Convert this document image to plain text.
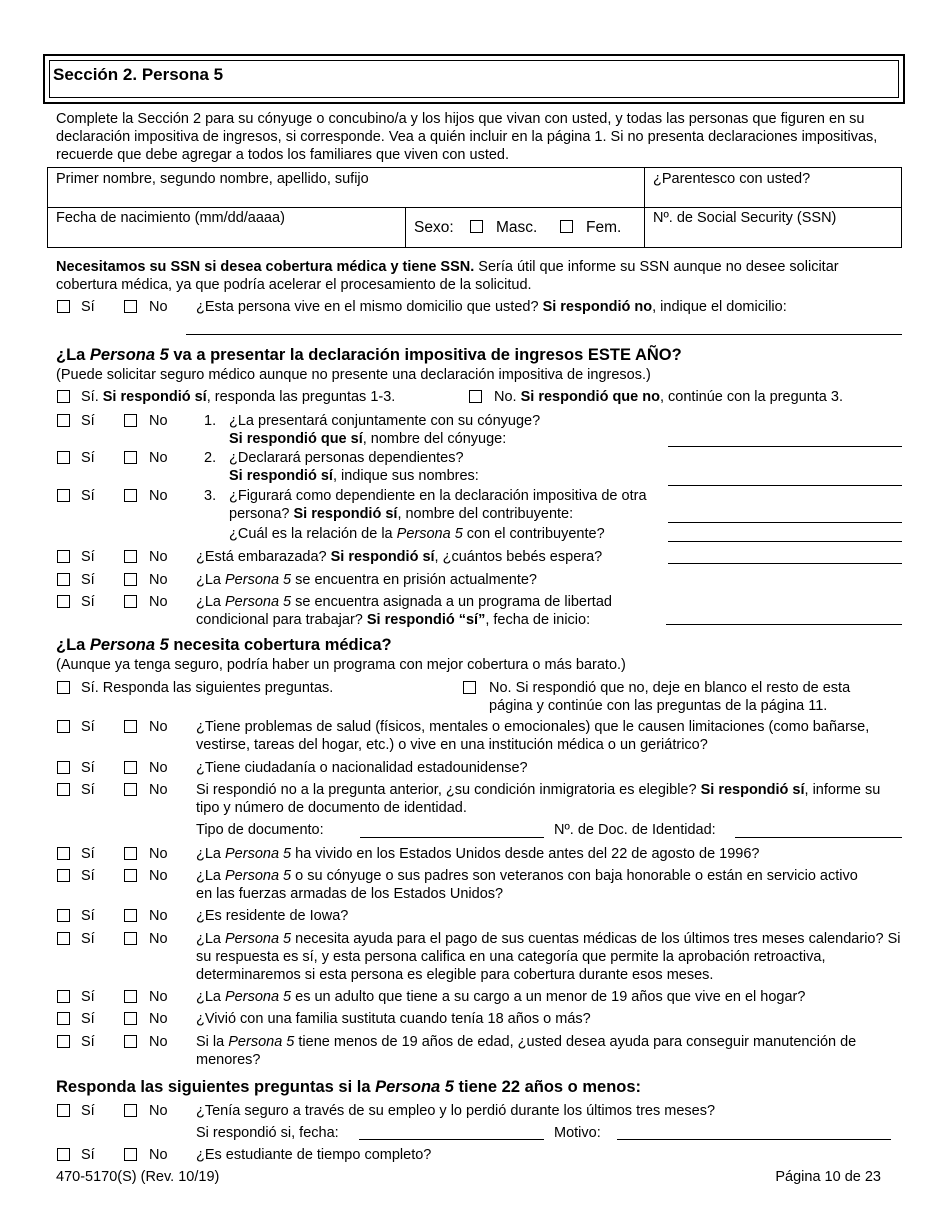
Sección 2. Persona 5
Complete la Sección 2 para su cónyuge o concubino/a y los hijos que vivan con usted, y todas las personas que figuren en su declaración impositiva de ingresos, si corresponde. Vea a quién incluir en la página 1. Si no presenta declaraciones impositivas, recuerde que debe agregar a todos los familiares que viven con usted.
Primer nombre, segundo nombre, apellido, sufijo	¿Parentesco con usted?
Fecha de nacimiento (mm/dd/aaaa)
Sexo:	Masc.	Fem.
Nº. de Social Security (SSN)
Necesitamos su SSN si desea cobertura médica y tiene SSN. Sería útil que informe su SSN aunque no desee solicitar cobertura médica, ya que podría acelerar el procesamiento de la solicitud.
Sí	No ¿Esta persona vive en el mismo domicilio que usted? Si respondió no, indique el domicilio:
¿La Persona 5 va a presentar la declaración impositiva de ingresos ESTE AÑO?
(Puede solicitar seguro médico aunque no presente una declaración impositiva de ingresos.)
Sí. Si respondió sí, responda las preguntas 1-3.	No. Si respondió que no, continúe con la pregunta 3.
Sí	No	1. ¿La presentará conjuntamente con su cónyuge?
Si respondió que sí, nombre del cónyuge:
Sí	No	2. ¿Declarará personas dependientes?
Si respondió sí, indique sus nombres:
Sí	No	3. ¿Figurará como dependiente en la declaración impositiva de otra persona? Si respondió sí, nombre del contribuyente:
¿Cuál es la relación de la Persona 5 con el contribuyente?
Sí	No ¿Está embarazada? Si respondió sí, ¿cuántos bebés espera?
Sí	No ¿La Persona 5 se encuentra en prisión actualmente?
Sí	No ¿La Persona 5 se encuentra asignada a un programa de libertad condicional para trabajar? Si respondió “sí”, fecha de inicio:
¿La Persona 5 necesita cobertura médica?
(Aunque ya tenga seguro, podría haber un programa con mejor cobertura o más barato.)
Sí. Responda las siguientes preguntas.	No. Si respondió que no, deje en blanco el resto de esta página y continúe con las preguntas de la página 11.
Sí	No ¿Tiene problemas de salud (físicos, mentales o emocionales) que le causen limitaciones (como bañarse, vestirse, tareas del hogar, etc.) o vive en una institución médica o un geriátrico?
Sí	No ¿Tiene ciudadanía o nacionalidad estadounidense?
Sí	No Si respondió no a la pregunta anterior, ¿su condición inmigratoria es elegible? Si respondió sí, informe su tipo y número de documento de identidad.
Tipo de documento:	Nº. de Doc. de Identidad:
Sí	No ¿La Persona 5 ha vivido en los Estados Unidos desde antes del 22 de agosto de 1996?
Sí	No ¿La Persona 5 o su cónyuge o sus padres son veteranos con baja honorable o están en servicio activo en las fuerzas armadas de los Estados Unidos?
Sí	No ¿Es residente de Iowa?
Sí	No ¿La Persona 5 necesita ayuda para el pago de sus cuentas médicas de los últimos tres meses calendario? Si su respuesta es sí, y esta persona califica en una categoría que permite la aprobación retroactiva, determinaremos si esta persona es elegible para cobertura durante esos meses.
Sí	No ¿La Persona 5 es un adulto que tiene a su cargo a un menor de 19 años que vive en el hogar?
Sí	No ¿Vivió con una familia sustituta cuando tenía 18 años o más?
Sí	No Si la Persona 5 tiene menos de 19 años de edad, ¿usted desea ayuda para conseguir manutención de menores?
Responda las siguientes preguntas si la Persona 5 tiene 22 años o menos:
Sí	No ¿Tenía seguro a través de su empleo y lo perdió durante los últimos tres meses?
Si respondió si, fecha:	Motivo:
Sí	No ¿Es estudiante de tiempo completo?
470-5170(S) (Rev. 10/19)	Página 10 de 23
